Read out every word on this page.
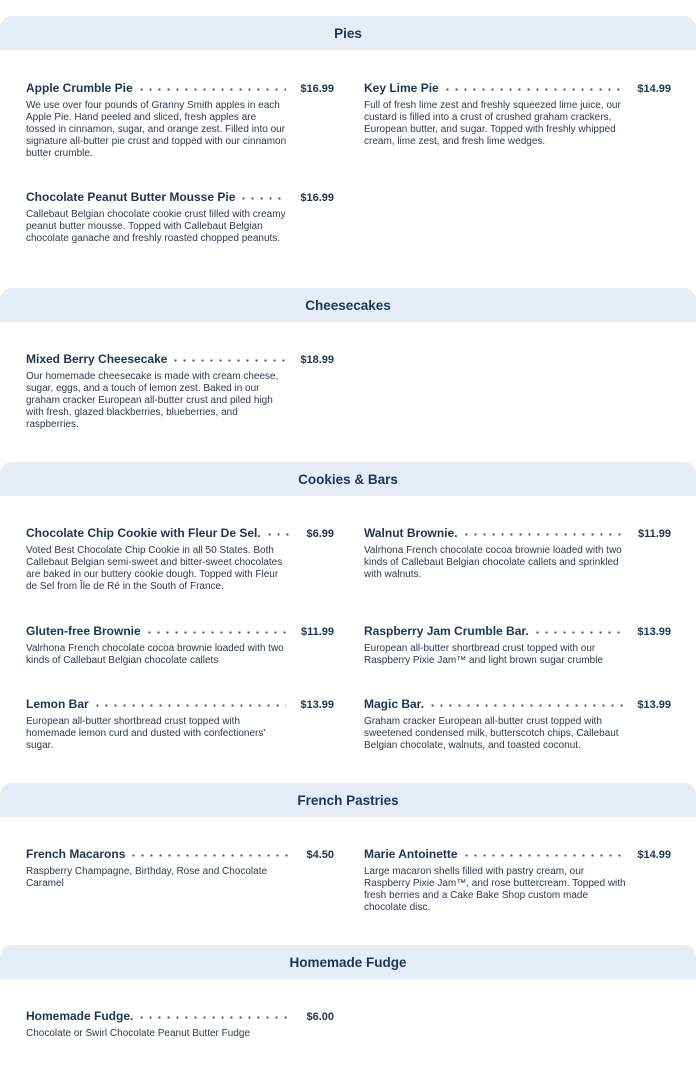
Pies
Apple Crumble Pie	$16.99
We use over four pounds of Granny Smith apples in each Apple Pie. Hand peeled and sliced, fresh apples are tossed in cinnamon, sugar, and orange zest. Filled into our signature all-butter pie crust and topped with our cinnamon butter crumble.
Key Lime Pie	$14.99
Full of fresh lime zest and freshly squeezed lime juice, our custard is filled into a crust of crushed graham crackers, European butter, and sugar. Topped with freshly whipped cream, lime zest, and fresh lime wedges.
Chocolate Peanut Butter Mousse Pie	$16.99
Callebaut Belgian chocolate cookie crust filled with creamy peanut butter mousse. Topped with Callebaut Belgian chocolate ganache and freshly roasted chopped peanuts.
Cheesecakes
Mixed Berry Cheesecake	$18.99
Our homemade cheesecake is made with cream cheese, sugar, eggs, and a touch of lemon zest. Baked in our graham cracker European all-butter crust and piled high with fresh, glazed blackberries, blueberries, and raspberries.
Cookies & Bars
Chocolate Chip Cookie with Fleur De Sel.	$6.99
Voted Best Chocolate Chip Cookie in all 50 States. Both Callebaut Belgian semi-sweet and bitter-sweet chocolates are baked in our buttery cookie dough. Topped with Fleur de Sel from Île de Ré in the South of France.
Walnut Brownie.	$11.99
Valrhona French chocolate cocoa brownie loaded with two kinds of Callebaut Belgian chocolate callets and sprinkled with walnuts.
Gluten-free Brownie	$11.99
Valrhona French chocolate cocoa brownie loaded with two kinds of Callebaut Belgian chocolate callets
Raspberry Jam Crumble Bar.	$13.99
European all-butter shortbread crust topped with our Raspberry Pixie Jam™ and light brown sugar crumble
Lemon Bar	$13.99
European all-butter shortbread crust topped with homemade lemon curd and dusted with confectioners' sugar.
Magic Bar.	$13.99
Graham cracker European all-butter crust topped with sweetened condensed milk, butterscotch chips, Callebaut Belgian chocolate, walnuts, and toasted coconut.
French Pastries
French Macarons	$4.50
Raspberry Champagne, Birthday, Rose and Chocolate Caramel
Marie Antoinette	$14.99
Large macaron shells filled with pastry cream, our Raspberry Pixie Jam™, and rose buttercream. Topped with fresh berries and a Cake Bake Shop custom made chocolate disc.
Homemade Fudge
Homemade Fudge.	$6.00
Chocolate or Swirl Chocolate Peanut Butter Fudge
